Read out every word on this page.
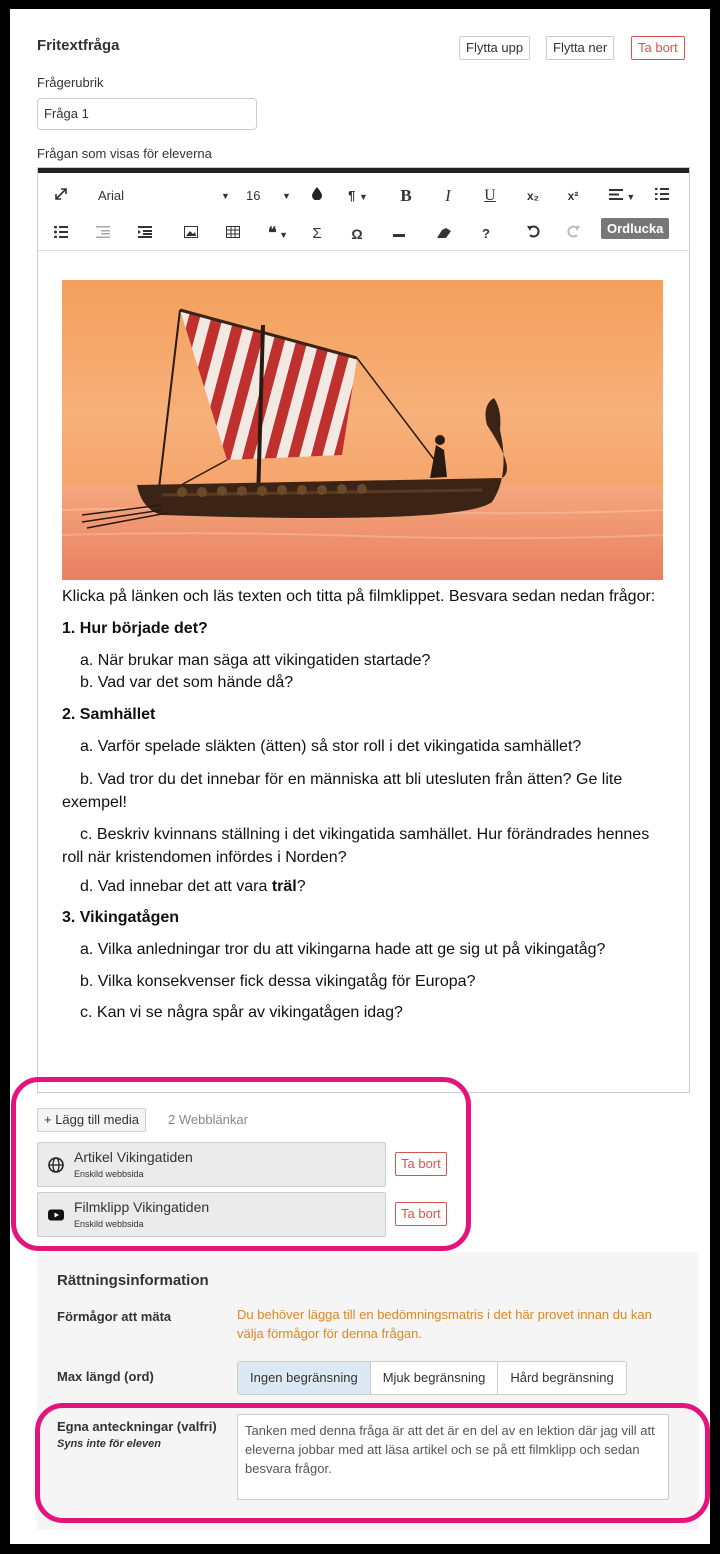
Fritextfråga	Flytta upp	Flytta ner	Ta bort
Frågerubrik
Fråga 1
Frågan som visas för eleverna
Arial	▼ 16 ▼	¶ ▼	B	I	U	x₂	x²	▼
❝ ▼	Σ	Ω	?	Ordlucka
Klicka på länken och läs texten och titta på filmklippet. Besvara sedan nedan frågor:
1. Hur började det?
a. När brukar man säga att vikingatiden startade?
b. Vad var det som hände då?
2. Samhället
a. Varför spelade släkten (ätten) så stor roll i det vikingatida samhället?
b. Vad tror du det innebar för en människa att bli utesluten från ätten? Ge lite exempel!
c. Beskriv kvinnans ställning i det vikingatida samhället. Hur förändrades hennes roll när kristendomen infördes i Norden?
d. Vad innebar det att vara träl?
3. Vikingatågen
a. Vilka anledningar tror du att vikingarna hade att ge sig ut på vikingatåg?
b. Vilka konsekvenser fick dessa vikingatåg för Europa?
c. Kan vi se några spår av vikingatågen idag?
+ Lägg till media	2 Webblänkar
Artikel Vikingatiden
Enskild webbsida
Ta bort
Filmklipp Vikingatiden
Enskild webbsida
Ta bort
Rättningsinformation
Förmågor att mäta	Du behöver lägga till en bedömningsmatris i det här provet innan du kan välja förmågor för denna frågan.
Max längd (ord)	Ingen begränsning	Mjuk begränsning	Hård begränsning
Egna anteckningar (valfri)
Syns inte för eleven
Tanken med denna fråga är att det är en del av en lektion där jag vill att eleverna jobbar med att läsa artikel och se på ett filmklipp och sedan besvara frågor.
